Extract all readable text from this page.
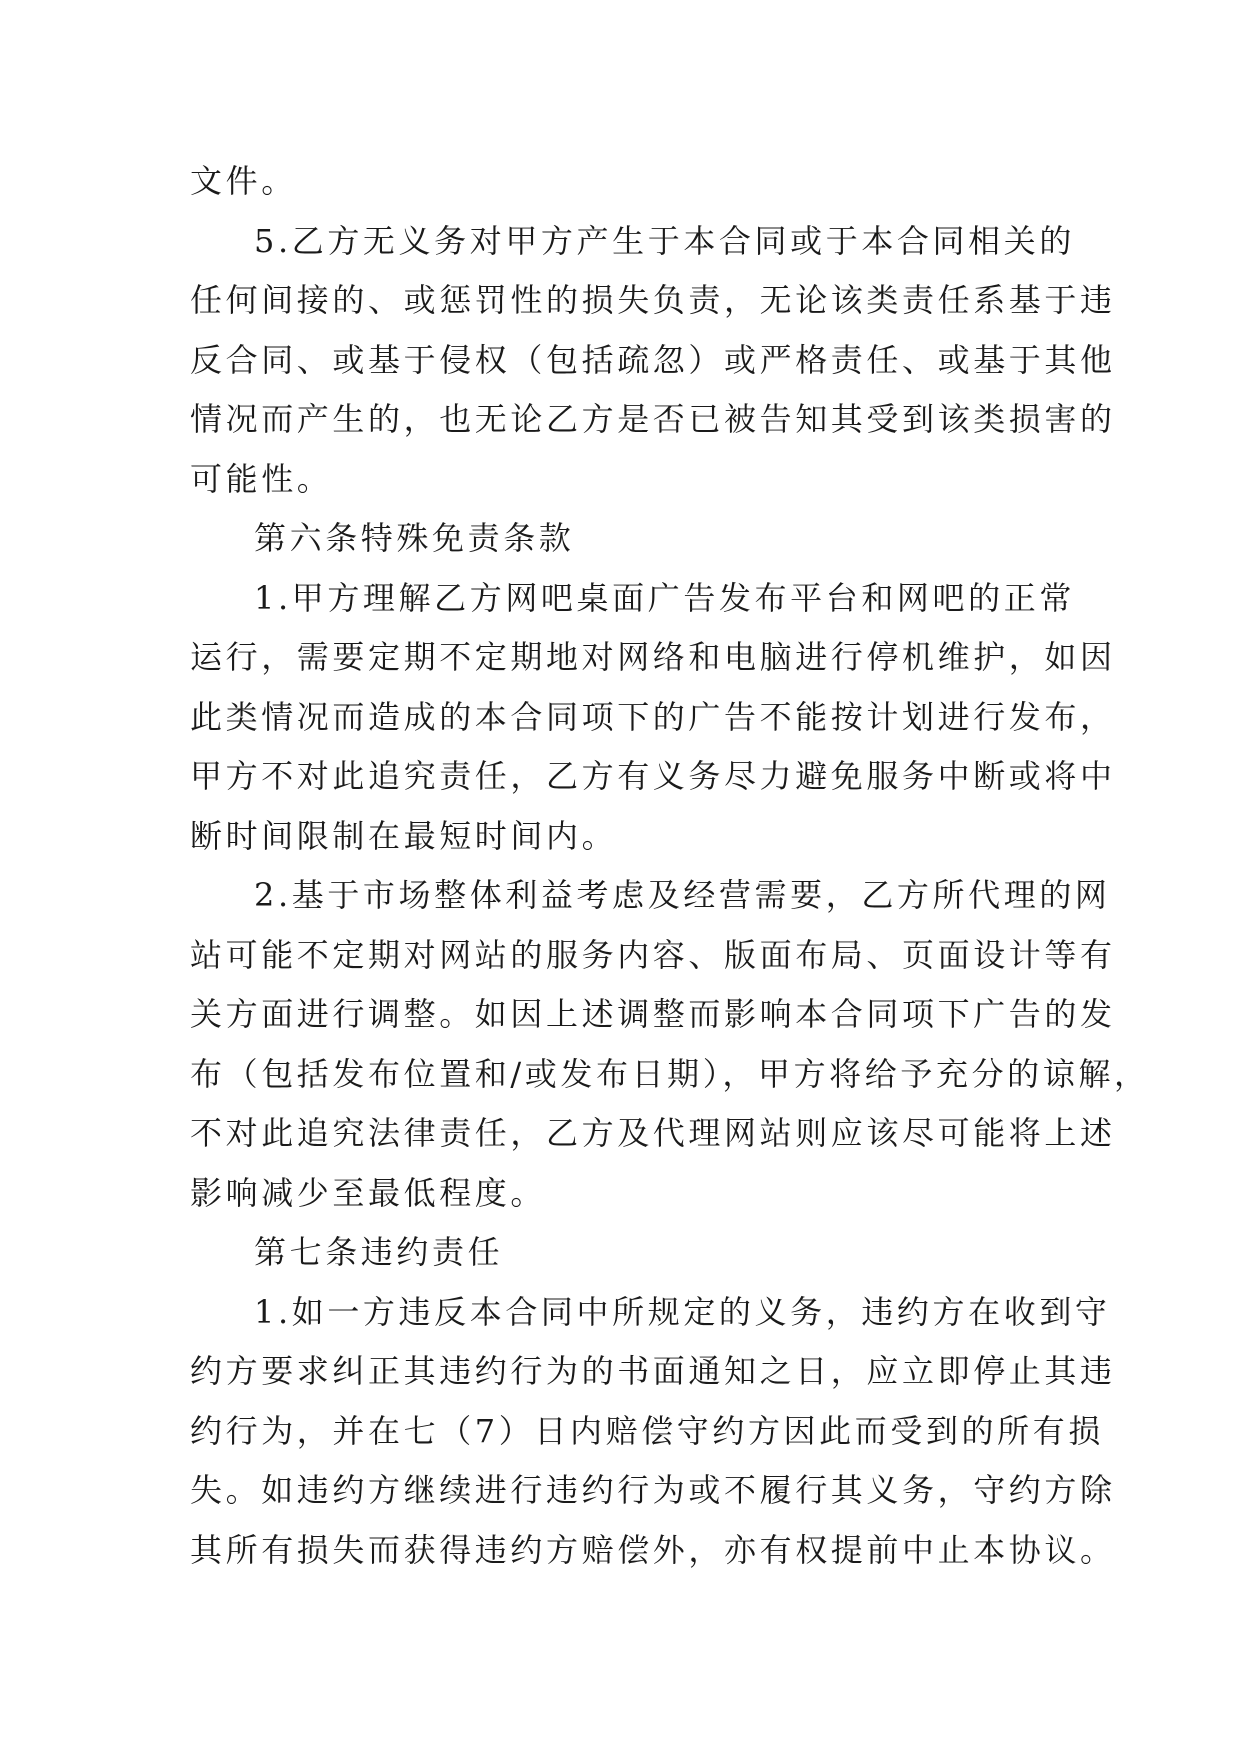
文件。
5.乙方无义务对甲方产生于本合同或于本合同相关的
任何间接的、或惩罚性的损失负责，无论该类责任系基于违
反合同、或基于侵权（包括疏忽）或严格责任、或基于其他
情况而产生的，也无论乙方是否已被告知其受到该类损害的
可能性。
第六条特殊免责条款
1.甲方理解乙方网吧桌面广告发布平台和网吧的正常
运行，需要定期不定期地对网络和电脑进行停机维护，如因
此类情况而造成的本合同项下的广告不能按计划进行发布，
甲方不对此追究责任，乙方有义务尽力避免服务中断或将中
断时间限制在最短时间内。
2.基于市场整体利益考虑及经营需要，乙方所代理的网
站可能不定期对网站的服务内容、版面布局、页面设计等有
关方面进行调整。如因上述调整而影响本合同项下广告的发
布（包括发布位置和/或发布日期），甲方将给予充分的谅解，
不对此追究法律责任，乙方及代理网站则应该尽可能将上述
影响减少至最低程度。
第七条违约责任
1.如一方违反本合同中所规定的义务，违约方在收到守
约方要求纠正其违约行为的书面通知之日，应立即停止其违
约行为，并在七（7）日内赔偿守约方因此而受到的所有损
失。如违约方继续进行违约行为或不履行其义务，守约方除
其所有损失而获得违约方赔偿外，亦有权提前中止本协议。
